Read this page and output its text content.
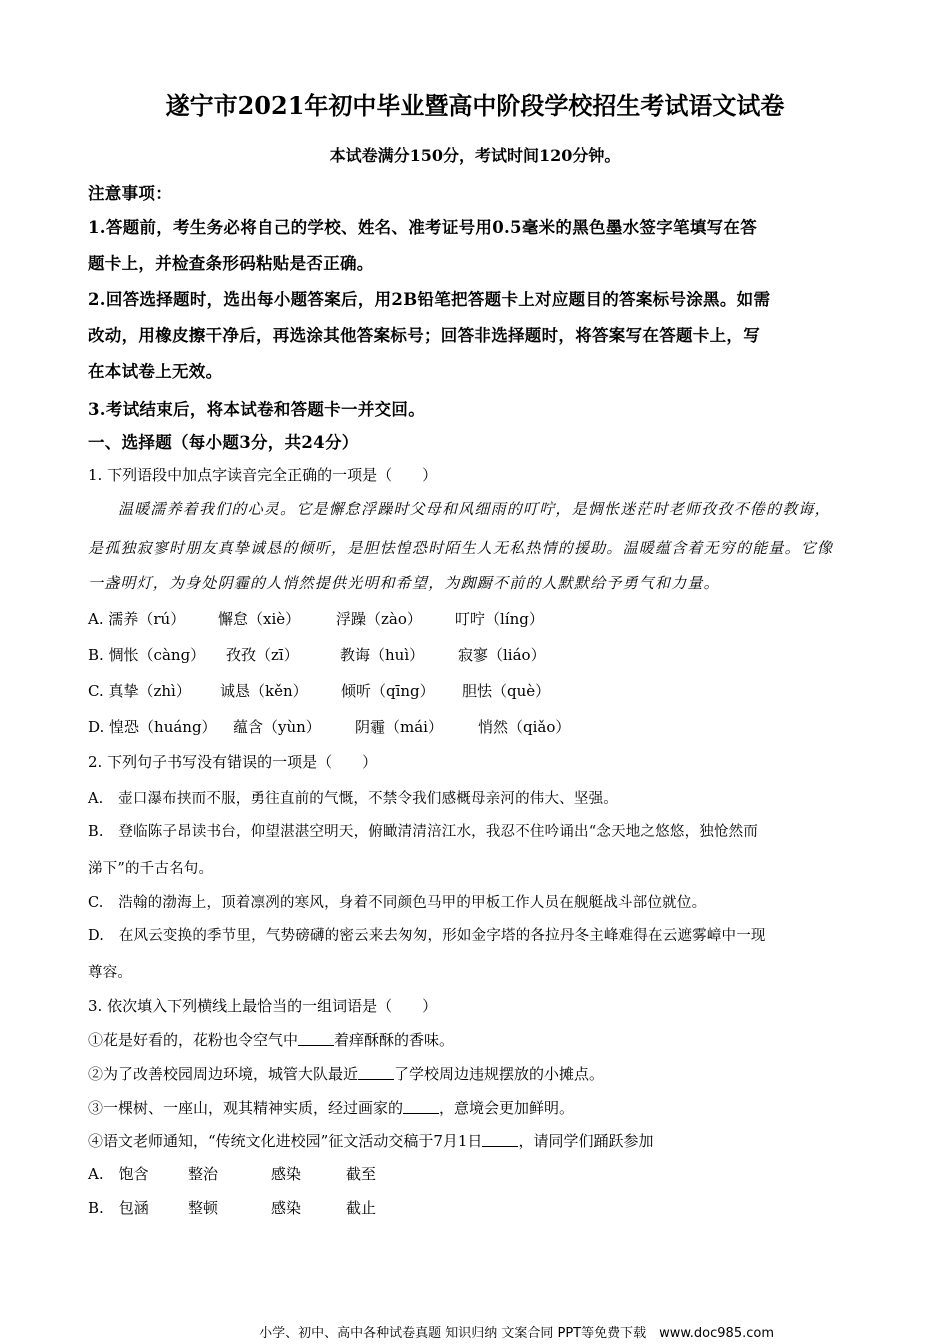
遂宁市2021年初中毕业暨高中阶段学校招生考试语文试卷
本试卷满分150分，考试时间120分钟。
注意事项：
1.答题前，考生务必将自己的学校、姓名、准考证号用0.5毫米的黑色墨水签字笔填写在答
题卡上，并检查条形码粘贴是否正确。
2.回答选择题时，选出每小题答案后，用2B铅笔把答题卡上对应题目的答案标号涂黑。如需
改动，用橡皮擦干净后，再选涂其他答案标号；回答非选择题时，将答案写在答题卡上，写
在本试卷上无效。
3.考试结束后，将本试卷和答题卡一并交回。
一、选择题（每小题3分，共24分）
1. 下列语段中加点字读音完全正确的一项是（　　）
温暖濡养着我们的心灵。它是懈怠浮躁时父母和风细雨的叮咛，是惆怅迷茫时老师孜孜不倦的教诲，
是孤独寂寥时朋友真挚诚恳的倾听，是胆怯惶恐时陌生人无私热情的援助。温暖蕴含着无穷的能量。它像
一盏明灯，为身处阴霾的人悄然提供光明和希望，为踟蹰不前的人默默给予勇气和力量。
A. 濡养（rú） 懈怠（xiè） 浮躁（zào） 叮咛（líng）
B. 惆怅（cànɡ） 孜孜（zī）	教诲（huì） 寂寥（liáo）
C. 真挚（zhì） 诚恳（kěn） 倾听（qīng） 胆怯（què）
D. 惶恐（huáng） 蕴含（yùn） 阴霾（mái） 悄然（qiǎo）
2. 下列句子书写没有错误的一项是（　　）
A.　壶口瀑布挟而不服，勇往直前的气慨，不禁令我们感概母亲河的伟大、坚强。
B.　登临陈子昂读书台，仰望湛湛空明天，俯瞰清清涪江水，我忍不住吟诵出“念天地之悠悠，独怆然而
涕下”的千古名句。
C.　浩翰的渤海上，顶着凛冽的寒风，身着不同颜色马甲的甲板工作人员在舰艇战斗部位就位。
D.　在风云变换的季节里，气势磅礴的密云来去匆匆，形如金字塔的各拉丹冬主峰难得在云遮雾嶂中一现
尊容。
3. 依次填入下列横线上最恰当的一组词语是（　　）
①花是好看的，花粉也令空气中 着痒酥酥的香味。
②为了改善校园周边环境，城管大队最近 了学校周边违规摆放的小摊点。
③一棵树、一座山，观其精神实质，经过画家的 ，意境会更加鲜明。
④语文老师通知，“传统文化进校园”征文活动交稿于7月1日 ，请同学们踊跃参加
A.　饱含	整治	感染	截至
B.　包涵	整顿	感染	截止
小学、初中、高中各种试卷真题 知识归纳 文案合同 PPT等免费下载　www.doc985.com
